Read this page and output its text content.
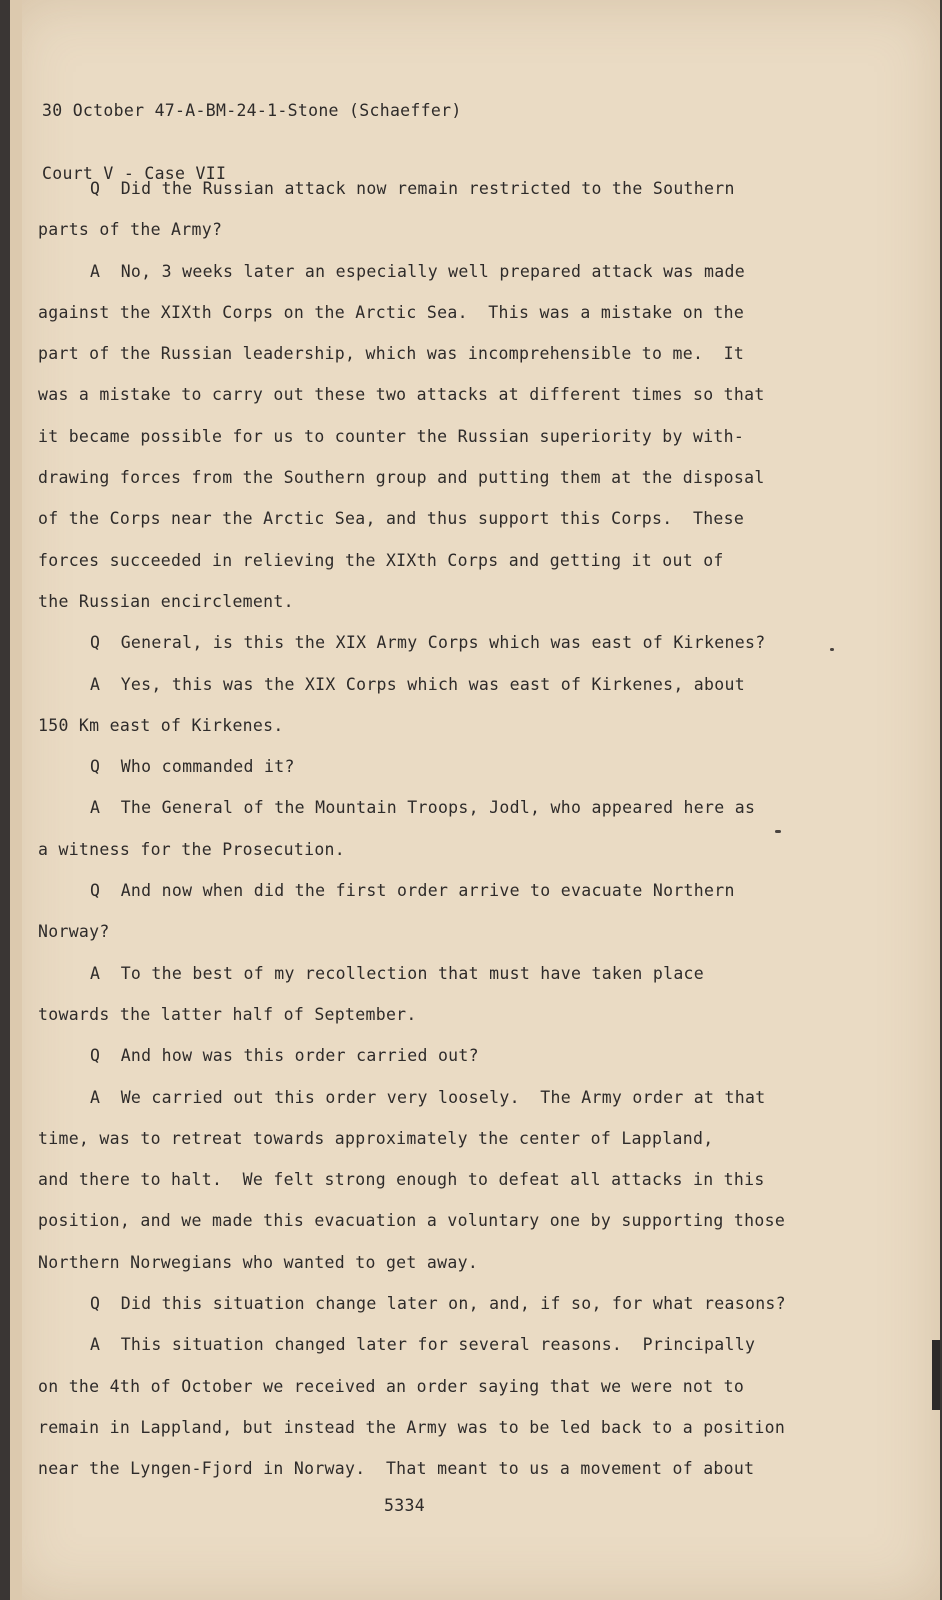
30 October 47-A-BM-24-1-Stone (Schaeffer)

Court V - Case VII

Q  Did the Russian attack now remain restricted to the Southern
parts of the Army?
A  No, 3 weeks later an especially well prepared attack was made
against the XIXth Corps on the Arctic Sea.  This was a mistake on the
part of the Russian leadership, which was incomprehensible to me.  It
was a mistake to carry out these two attacks at different times so that
it became possible for us to counter the Russian superiority by with-
drawing forces from the Southern group and putting them at the disposal
of the Corps near the Arctic Sea, and thus support this Corps.  These
forces succeeded in relieving the XIXth Corps and getting it out of
the Russian encirclement.
Q  General, is this the XIX Army Corps which was east of Kirkenes?
A  Yes, this was the XIX Corps which was east of Kirkenes, about
150 Km east of Kirkenes.
Q  Who commanded it?
A  The General of the Mountain Troops, Jodl, who appeared here as
a witness for the Prosecution.
Q  And now when did the first order arrive to evacuate Northern
Norway?
A  To the best of my recollection that must have taken place
towards the latter half of September.
Q  And how was this order carried out?
A  We carried out this order very loosely.  The Army order at that
time, was to retreat towards approximately the center of Lappland,
and there to halt.  We felt strong enough to defeat all attacks in this
position, and we made this evacuation a voluntary one by supporting those
Northern Norwegians who wanted to get away.
Q  Did this situation change later on, and, if so, for what reasons?
A  This situation changed later for several reasons.  Principally
on the 4th of October we received an order saying that we were not to
remain in Lappland, but instead the Army was to be led back to a position
near the Lyngen-Fjord in Norway.  That meant to us a movement of about
5334
